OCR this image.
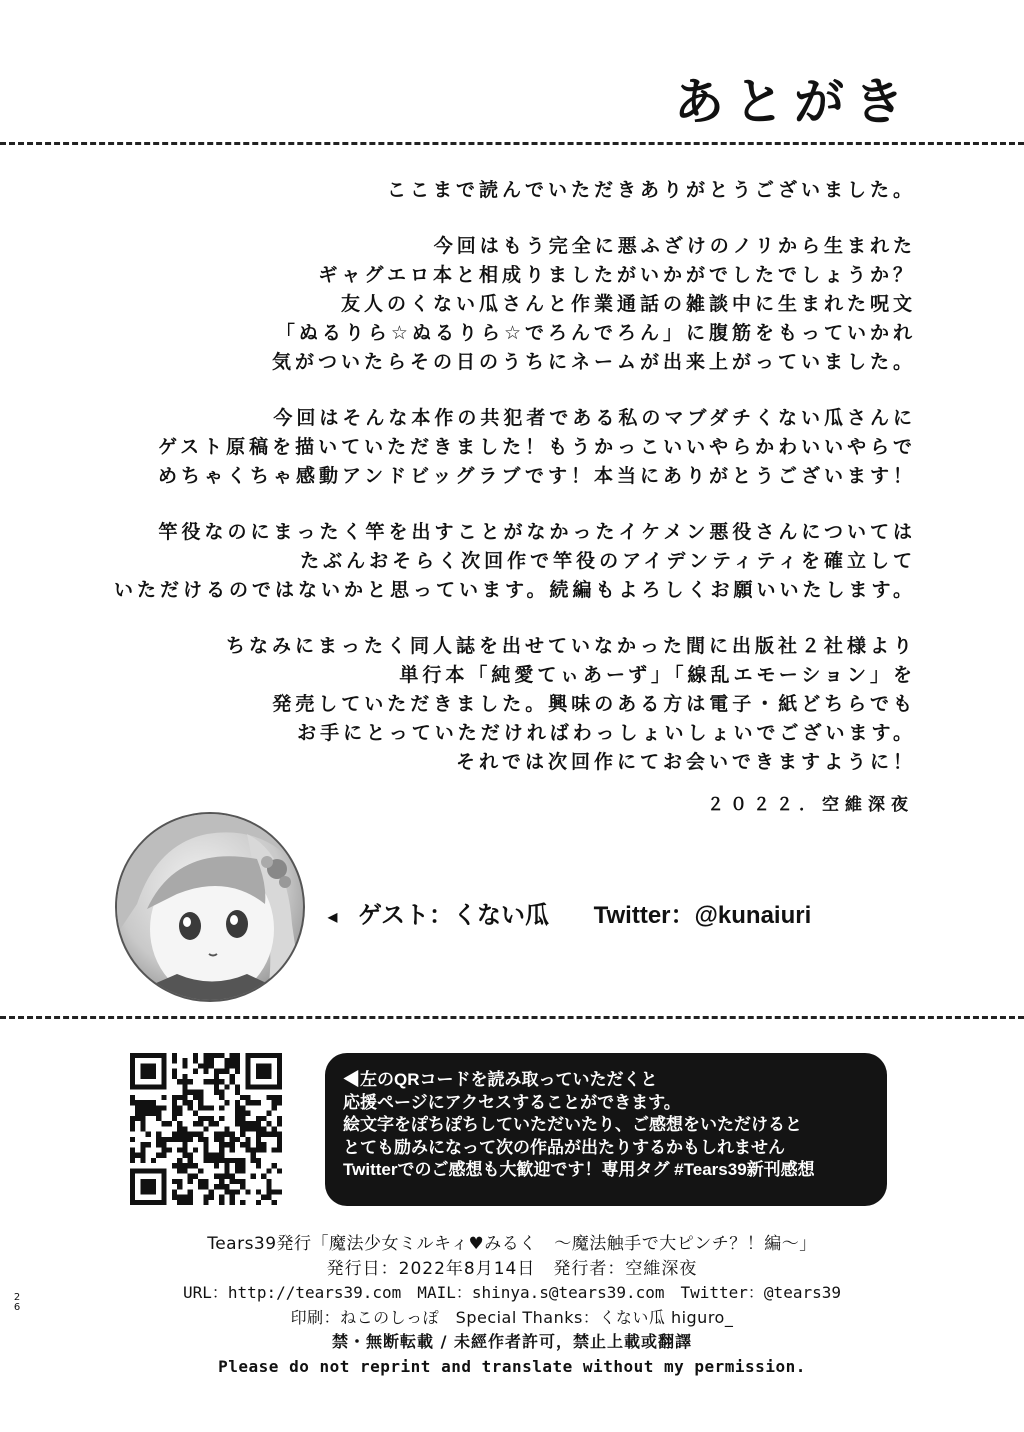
あとがき

ここまで読んでいただきありがとうございました。

今回はもう完全に悪ふざけのノリから生まれた
ギャグエロ本と相成りましたがいかがでしたでしょうか？
友人のくない瓜さんと作業通話の雑談中に生まれた呪文
「ぬるりら☆ぬるりら☆でろんでろん」に腹筋をもっていかれ
気がついたらその日のうちにネームが出来上がっていました。

今回はそんな本作の共犯者である私のマブダチくない瓜さんに
ゲスト原稿を描いていただきました！もうかっこいいやらかわいいやらで
めちゃくちゃ感動アンドビッグラブです！本当にありがとうございます！

竿役なのにまったく竿を出すことがなかったイケメン悪役さんについては
たぶんおそらく次回作で竿役のアイデンティティを確立して
いただけるのではないかと思っています。続編もよろしくお願いいたします。

ちなみにまったく同人誌を出せていなかった間に出版社２社様より
単行本「純愛てぃあーず」「線乱エモーション」を
発売していただきました。興味のある方は電子・紙どちらでも
お手にとっていただければわっしょいしょいでございます。
それでは次回作にてお会いできますように！

２０２２．空維深夜
◀ ゲスト：くない瓜 Twitter：@kunaiuri
◀左のQRコードを読み取っていただくと
応援ページにアクセスすることができます。
絵文字をぽちぽちしていただいたり、ご感想をいただけると
とても励みになって次の作品が出たりするかもしれません
Twitterでのご感想も大歓迎です！専用タグ #Tears39新刊感想
Tears39発行「魔法少女ミルキィ♥みるく　～魔法触手で大ピンチ？！編～」
発行日：2022年8月14日　発行者：空維深夜
URL：http://tears39.com　MAIL：shinya.s@tears39.com　Twitter：@tears39
印刷：ねこのしっぽ　Special Thanks：くない瓜 higuro_
禁・無断転載 / 未經作者許可，禁止上載或翻譯
Please do not reprint and translate without my permission.
2
6
